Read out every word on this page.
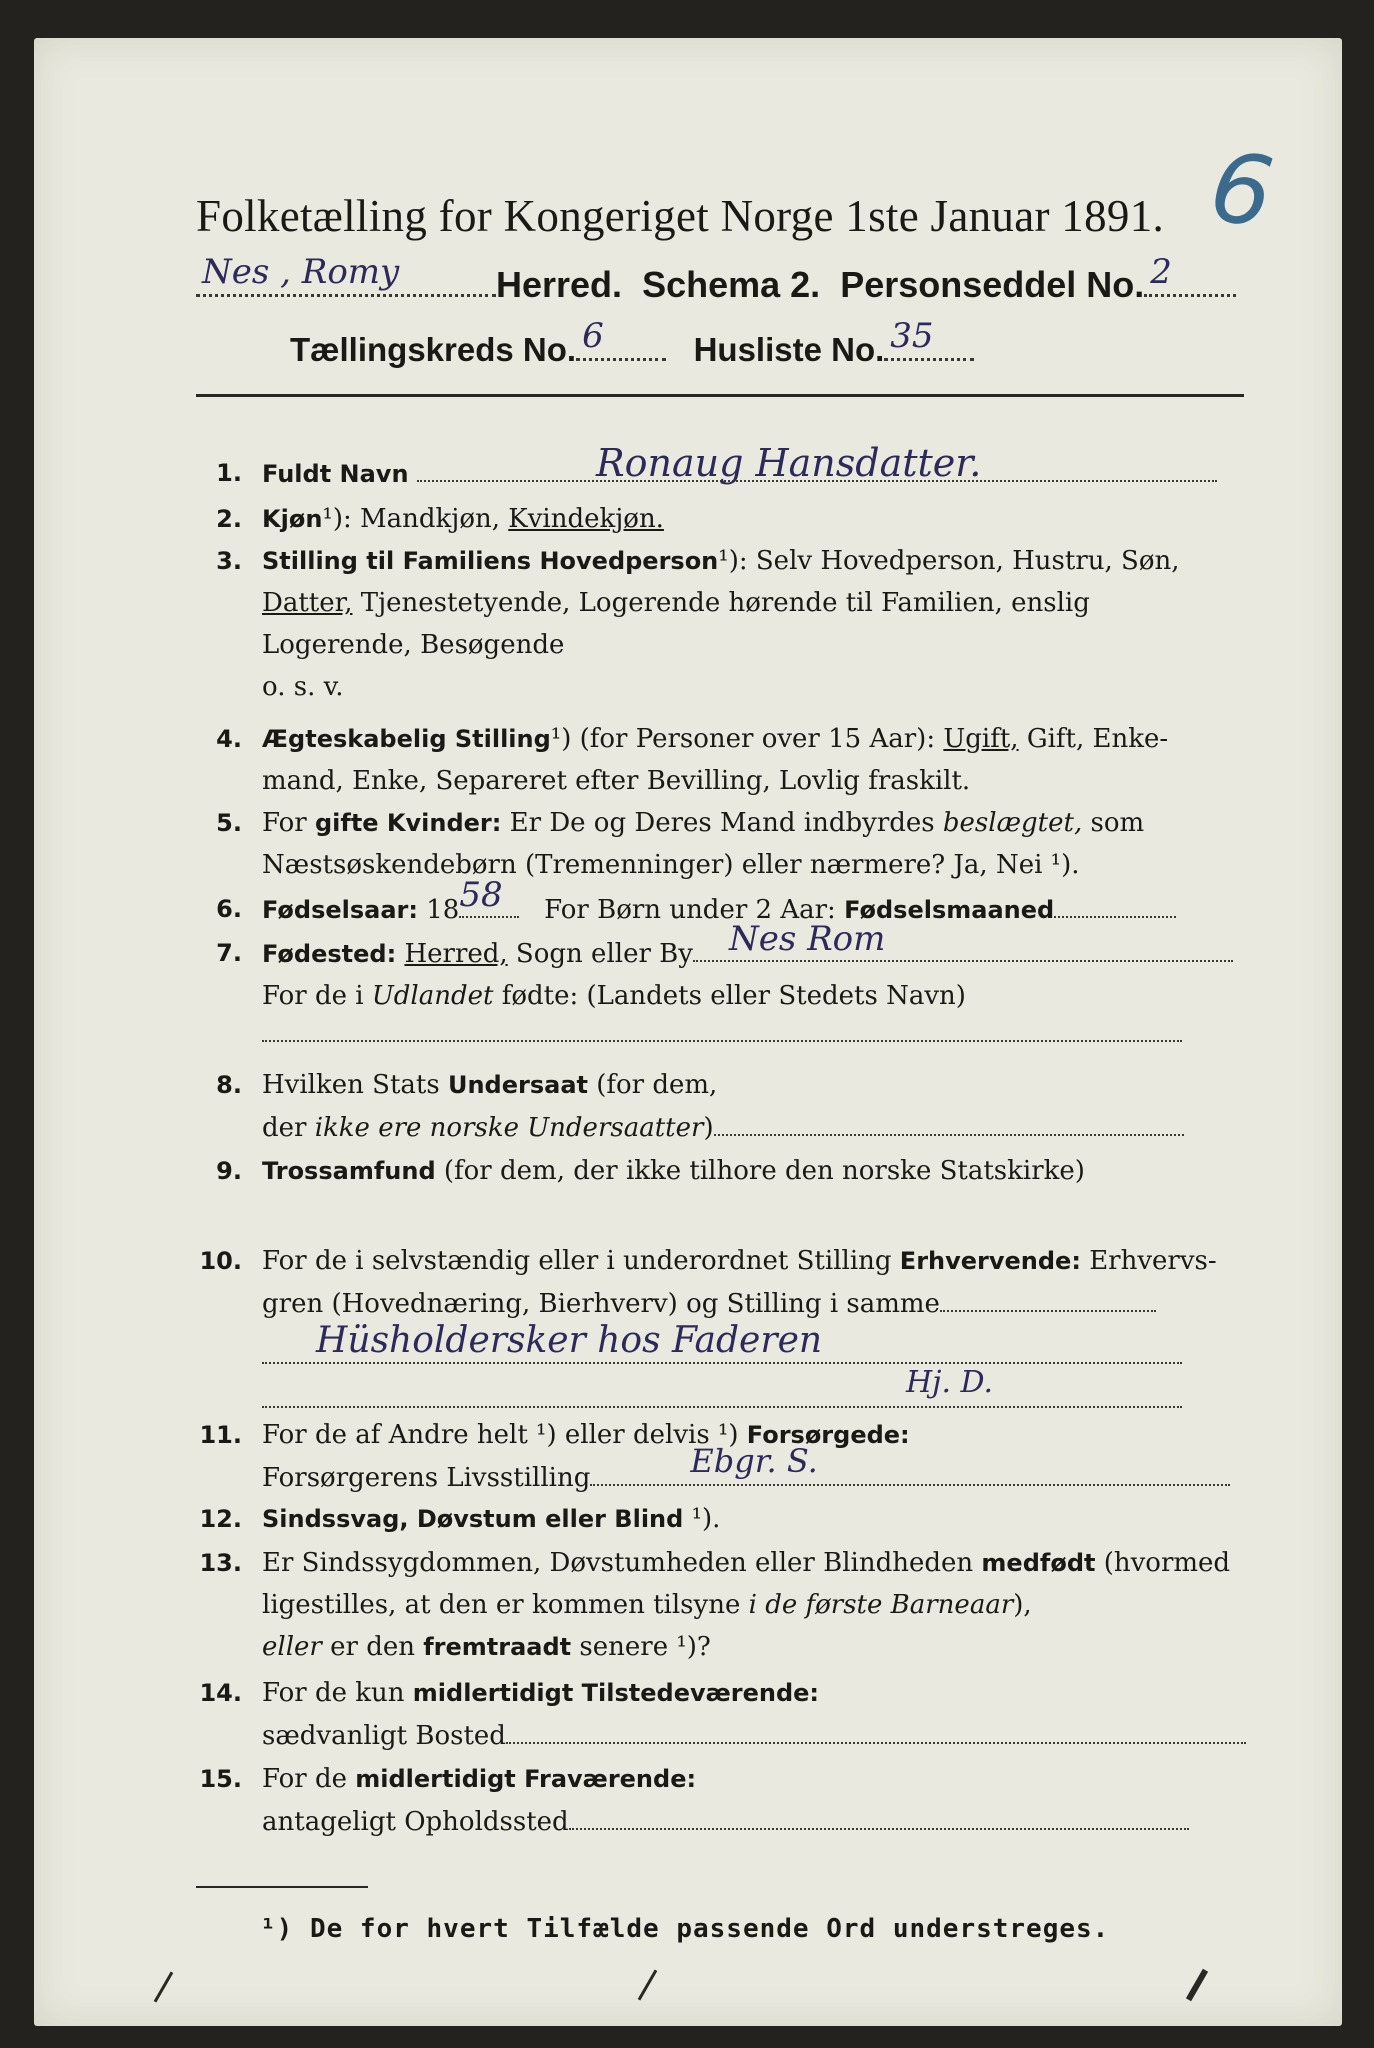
6
Folketælling for Kongeriget Norge 1ste Januar 1891.
Nes , Romy	Herred. Schema 2. Personseddel No. 2
Tællingskreds No. 6	Husliste No. 35
1. Fuldt Navn	Ronaug Hansdatter.
2. Kjøn¹): Mandkjøn, Kvindekjøn.
3. Stilling til Familiens Hovedperson¹): Selv Hovedperson, Hustru, Søn,
Datter, Tjenestetyende, Logerende hørende til Familien, enslig
Logerende, Besøgende
o. s. v.
4. Ægteskabelig Stilling¹) (for Personer over 15 Aar): Ugift, Gift, Enke-
mand, Enke, Separeret efter Bevilling, Lovlig fraskilt.
5. For gifte Kvinder: Er De og Deres Mand indbyrdes beslægtet, som
Næstsøskendebørn (Tremenninger) eller nærmere? Ja, Nei ¹).
6. Fødselsaar: 18 58 For Børn under 2 Aar: Fødselsmaaned
7. Fødested: Herred, Sogn eller By Nes Rom
For de i Udlandet fødte: (Landets eller Stedets Navn)
8. Hvilken Stats Undersaat (for dem,
der ikke ere norske Undersaatter)
9. Trossamfund (for dem, der ikke tilhore den norske Statskirke)
10. For de i selvstændig eller i underordnet Stilling Erhvervende: Erhvervs-
gren (Hovednæring, Bierhverv) og Stilling i samme
Hüsholdersker hos Faderen
Hj. D.
11. For de af Andre helt ¹) eller delvis ¹) Forsørgede:
Forsørgerens Livsstilling	Ebgr. S.
12. Sindssvag, Døvstum eller Blind ¹).
13. Er Sindssygdommen, Døvstumheden eller Blindheden medfødt (hvormed
ligestilles, at den er kommen tilsyne i de første Barneaar),
eller er den fremtraadt senere ¹)?
14. For de kun midlertidigt Tilstedeværende:
sædvanligt Bosted
15. For de midlertidigt Fraværende:
antageligt Opholdssted
¹) De for hvert Tilfælde passende Ord understreges.
